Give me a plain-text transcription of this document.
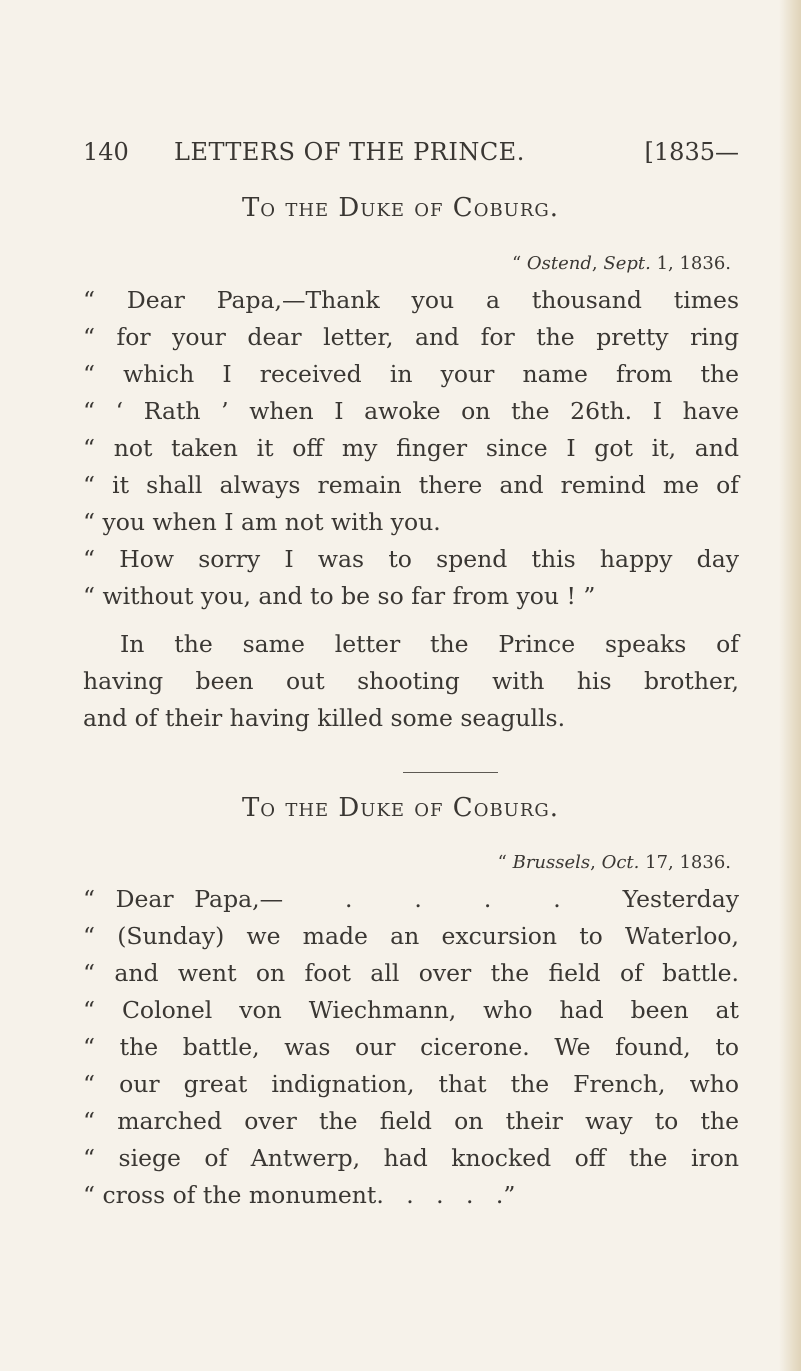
140 LETTERS OF THE PRINCE.	[1835—
To the Duke of Coburg.
“ Ostend, Sept. 1, 1836.
“ Dear Papa,—Thank you a thousand times
“ for your dear letter, and for the pretty ring
“ which I received in your name from the
“ ‘ Rath ’ when I awoke on the 26th. I have
“ not taken it off my finger since I got it, and
“ it shall always remain there and remind me of
“ you when I am not with you.
“ How sorry I was to spend this happy day
“ without you, and to be so far from you ! ”
In the same letter the Prince speaks of
having been out shooting with his brother,
and of their having killed some seagulls.
To the Duke of Coburg.
“ Brussels, Oct. 17, 1836.
“ Dear Papa,—   .   .   .   .   Yesterday
“ (Sunday) we made an excursion to Waterloo,
“ and went on foot all over the field of battle.
“ Colonel von Wiechmann, who had been at
“ the battle, was our cicerone. We found, to
“ our great indignation, that the French, who
“ marched over the field on their way to the
“ siege of Antwerp, had knocked off the iron
“ cross of the monument.   .   .   .   .”
